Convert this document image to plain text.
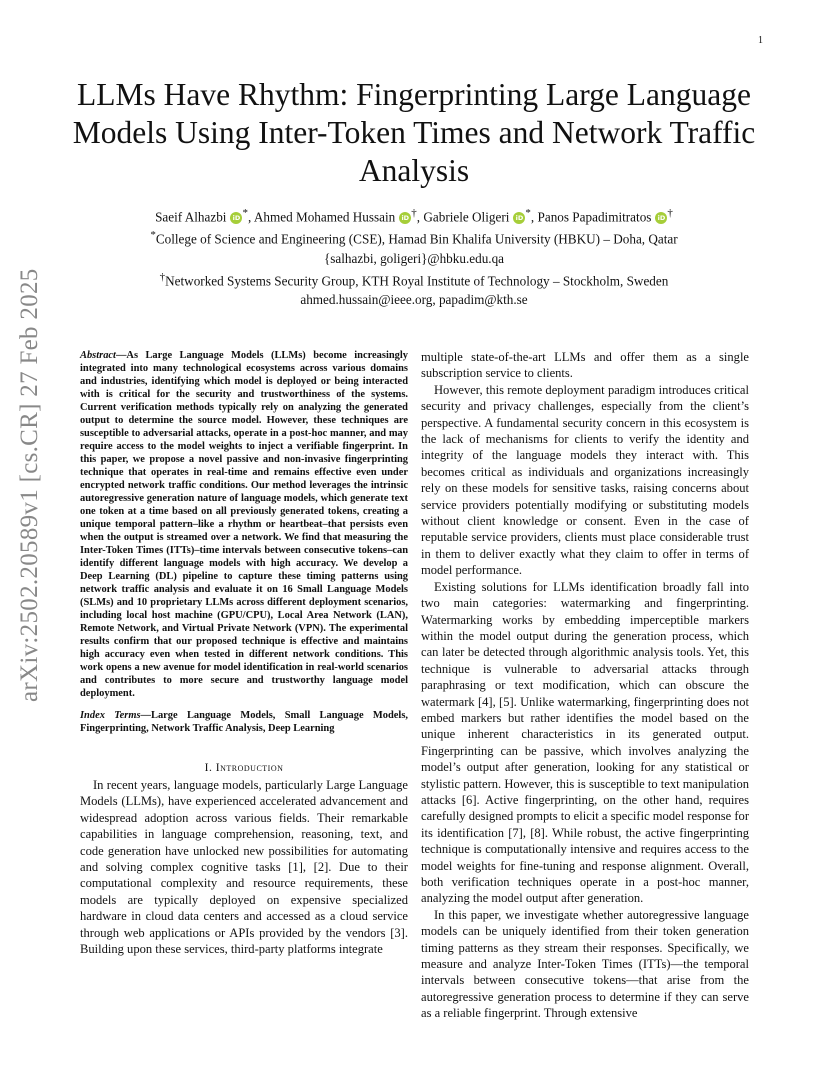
1
arXiv:2502.20589v1 [cs.CR] 27 Feb 2025
LLMs Have Rhythm: Fingerprinting Large Language Models Using Inter-Token Times and Network Traffic Analysis
Saeif Alhazbi iD *, Ahmed Mohamed Hussain iD †, Gabriele Oligeri iD *, Panos Papadimitratos iD †
*College of Science and Engineering (CSE), Hamad Bin Khalifa University (HBKU) – Doha, Qatar
{salhazbi, goligeri}@hbku.edu.qa
†Networked Systems Security Group, KTH Royal Institute of Technology – Stockholm, Sweden
ahmed.hussain@ieee.org, papadim@kth.se

Abstract—As Large Language Models (LLMs) become increasingly integrated into many technological ecosystems across various domains and industries, identifying which model is deployed or being interacted with is critical for the security and trustworthiness of the systems. Current verification methods typically rely on analyzing the generated output to determine the source model. However, these techniques are susceptible to adversarial attacks, operate in a post-hoc manner, and may require access to the model weights to inject a verifiable fingerprint. In this paper, we propose a novel passive and non-invasive fingerprinting technique that operates in real-time and remains effective even under encrypted network traffic conditions. Our method leverages the intrinsic autoregressive generation nature of language models, which generate text one token at a time based on all previously generated tokens, creating a unique temporal pattern–like a rhythm or heartbeat–that persists even when the output is streamed over a network. We find that measuring the Inter-Token Times (ITTs)–time intervals between consecutive tokens–can identify different language models with high accuracy. We develop a Deep Learning (DL) pipeline to capture these timing patterns using network traffic analysis and evaluate it on 16 Small Language Models (SLMs) and 10 proprietary LLMs across different deployment scenarios, including local host machine (GPU/CPU), Local Area Network (LAN), Remote Network, and Virtual Private Network (VPN). The experimental results confirm that our proposed technique is effective and maintains high accuracy even when tested in different network conditions. This work opens a new avenue for model identification in real-world scenarios and contributes to more secure and trustworthy language model deployment.

Index Terms—Large Language Models, Small Language Models, Fingerprinting, Network Traffic Analysis, Deep Learning

I. Introduction

In recent years, language models, particularly Large Language Models (LLMs), have experienced accelerated advancement and widespread adoption across various fields. Their remarkable capabilities in language comprehension, reasoning, text, and code generation have unlocked new possibilities for automating and solving complex cognitive tasks [1], [2]. Due to their computational complexity and resource requirements, these models are typically deployed on expensive specialized hardware in cloud data centers and accessed as a cloud service through web applications or APIs provided by the vendors [3]. Building upon these services, third-party platforms integrate

multiple state-of-the-art LLMs and offer them as a single subscription service to clients.

However, this remote deployment paradigm introduces critical security and privacy challenges, especially from the client’s perspective. A fundamental security concern in this ecosystem is the lack of mechanisms for clients to verify the identity and integrity of the language models they interact with. This becomes critical as individuals and organizations increasingly rely on these models for sensitive tasks, raising concerns about service providers potentially modifying or substituting models without client knowledge or consent. Even in the case of reputable service providers, clients must place considerable trust in them to deliver exactly what they claim to offer in terms of model performance.

Existing solutions for LLMs identification broadly fall into two main categories: watermarking and fingerprinting. Watermarking works by embedding imperceptible markers within the model output during the generation process, which can later be detected through algorithmic analysis tools. Yet, this technique is vulnerable to adversarial attacks through paraphrasing or text modification, which can obscure the watermark [4], [5]. Unlike watermarking, fingerprinting does not embed markers but rather identifies the model based on the unique inherent characteristics in its generated output. Fingerprinting can be passive, which involves analyzing the model’s output after generation, looking for any statistical or stylistic pattern. However, this is susceptible to text manipulation attacks [6]. Active fingerprinting, on the other hand, requires carefully designed prompts to elicit a specific model response for its identification [7], [8]. While robust, the active fingerprinting technique is computationally intensive and requires access to the model weights for fine-tuning and response alignment. Overall, both verification techniques operate in a post-hoc manner, analyzing the model output after generation.

In this paper, we investigate whether autoregressive language models can be uniquely identified from their token generation timing patterns as they stream their responses. Specifically, we measure and analyze Inter-Token Times (ITTs)—the temporal intervals between consecutive tokens—that arise from the autoregressive generation process to determine if they can serve as a reliable fingerprint. Through extensive
